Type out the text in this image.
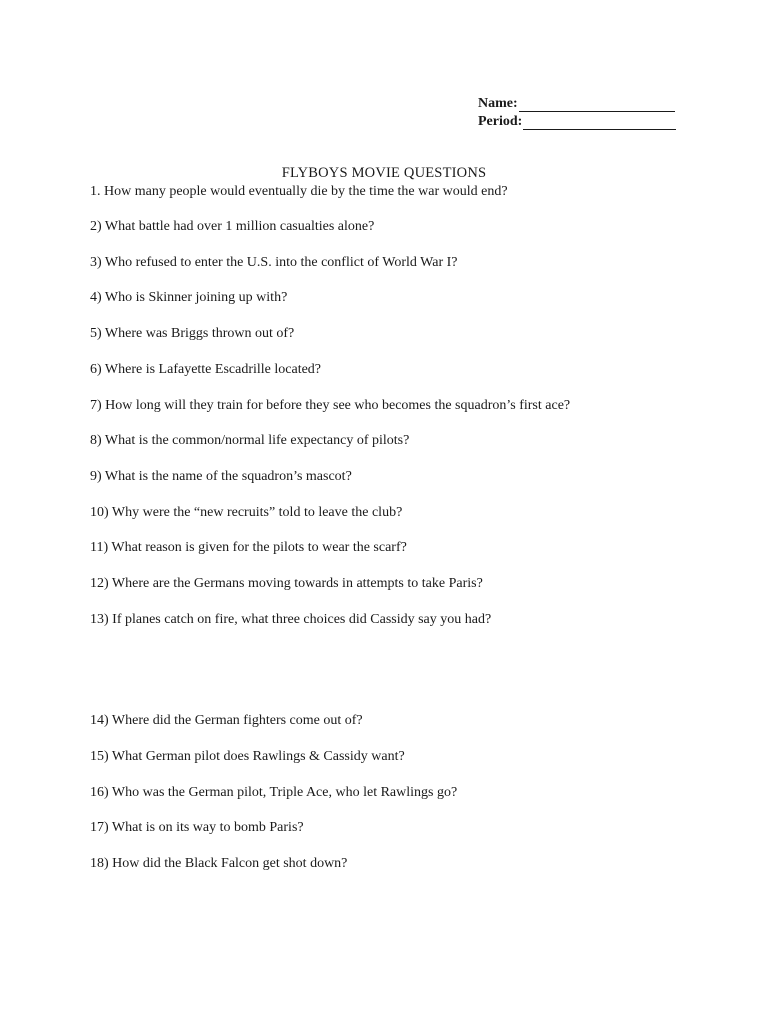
Name:
Period:
FLYBOYS MOVIE QUESTIONS
1. How many people would eventually die by the time the war would end?
2) What battle had over 1 million casualties alone?
3) Who refused to enter the U.S. into the conflict of World War I?
4) Who is Skinner joining up with?
5) Where was Briggs thrown out of?
6) Where is Lafayette Escadrille located?
7) How long will they train for before they see who becomes the squadron’s first ace?
8) What is the common/normal life expectancy of pilots?
9) What is the name of the squadron’s mascot?
10) Why were the “new recruits” told to leave the club?
11) What reason is given for the pilots to wear the scarf?
12) Where are the Germans moving towards in attempts to take Paris?
13) If planes catch on fire, what three choices did Cassidy say you had?
14) Where did the German fighters come out of?
15) What German pilot does Rawlings & Cassidy want?
16) Who was the German pilot, Triple Ace, who let Rawlings go?
17) What is on its way to bomb Paris?
18) How did the Black Falcon get shot down?
